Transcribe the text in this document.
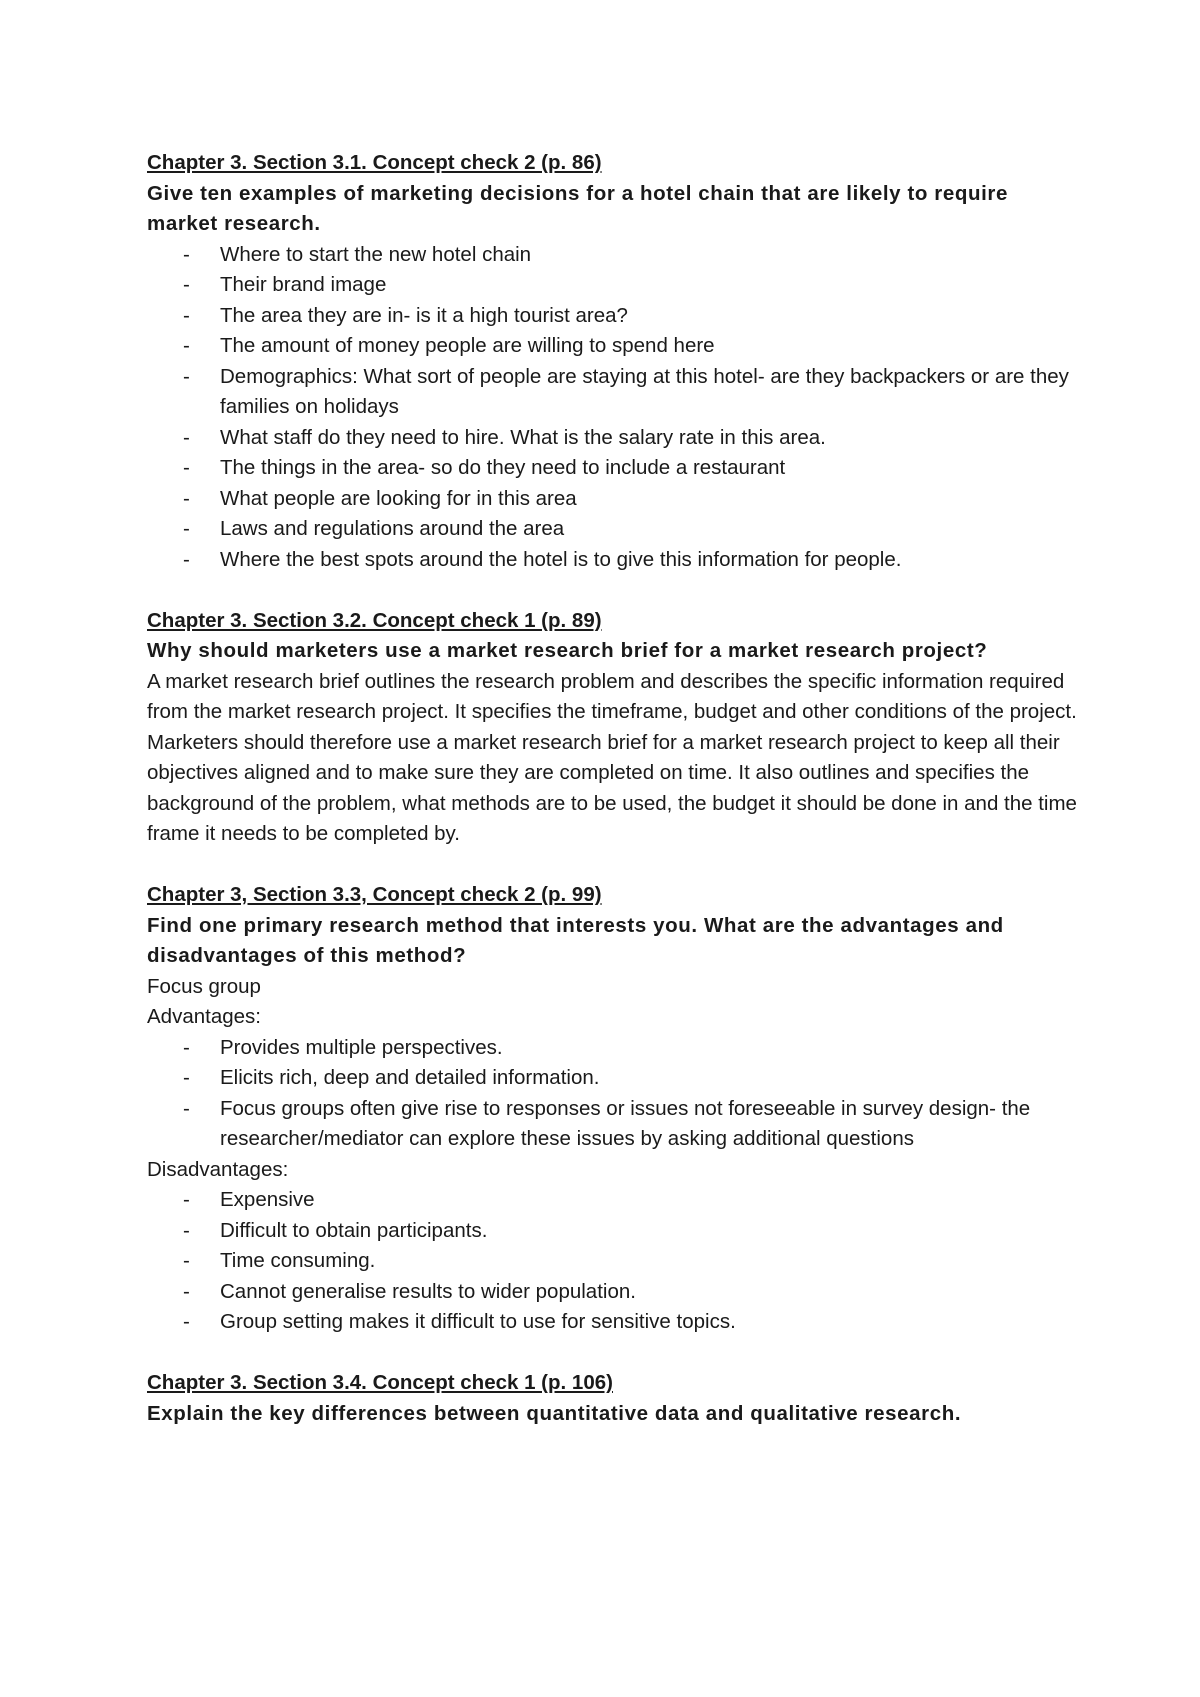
Chapter 3. Section 3.1. Concept check 2 (p. 86)

Give ten examples of marketing decisions for a hotel chain that are likely to require market research.

- Where to start the new hotel chain
- Their brand image
- The area they are in- is it a high tourist area?
- The amount of money people are willing to spend here
- Demographics: What sort of people are staying at this hotel- are they backpackers or are they families on holidays
- What staff do they need to hire. What is the salary rate in this area.
- The things in the area- so do they need to include a restaurant
- What people are looking for in this area
- Laws and regulations around the area
- Where the best spots around the hotel is to give this information for people.

Chapter 3. Section 3.2. Concept check 1 (p. 89)

Why should marketers use a market research brief for a market research project?

A market research brief outlines the research problem and describes the specific information required from the market research project. It specifies the timeframe, budget and other conditions of the project. Marketers should therefore use a market research brief for a market research project to keep all their objectives aligned and to make sure they are completed on time. It also outlines and specifies the background of the problem, what methods are to be used, the budget it should be done in and the time frame it needs to be completed by.

Chapter 3, Section 3.3, Concept check 2 (p. 99)

Find one primary research method that interests you. What are the advantages and disadvantages of this method?

Focus group

Advantages:

- Provides multiple perspectives.
- Elicits rich, deep and detailed information.
- Focus groups often give rise to responses or issues not foreseeable in survey design- the researcher/mediator can explore these issues by asking additional questions

Disadvantages:

- Expensive
- Difficult to obtain participants.
- Time consuming.
- Cannot generalise results to wider population.
- Group setting makes it difficult to use for sensitive topics.

Chapter 3. Section 3.4. Concept check 1 (p. 106)

Explain the key differences between quantitative data and qualitative research.
